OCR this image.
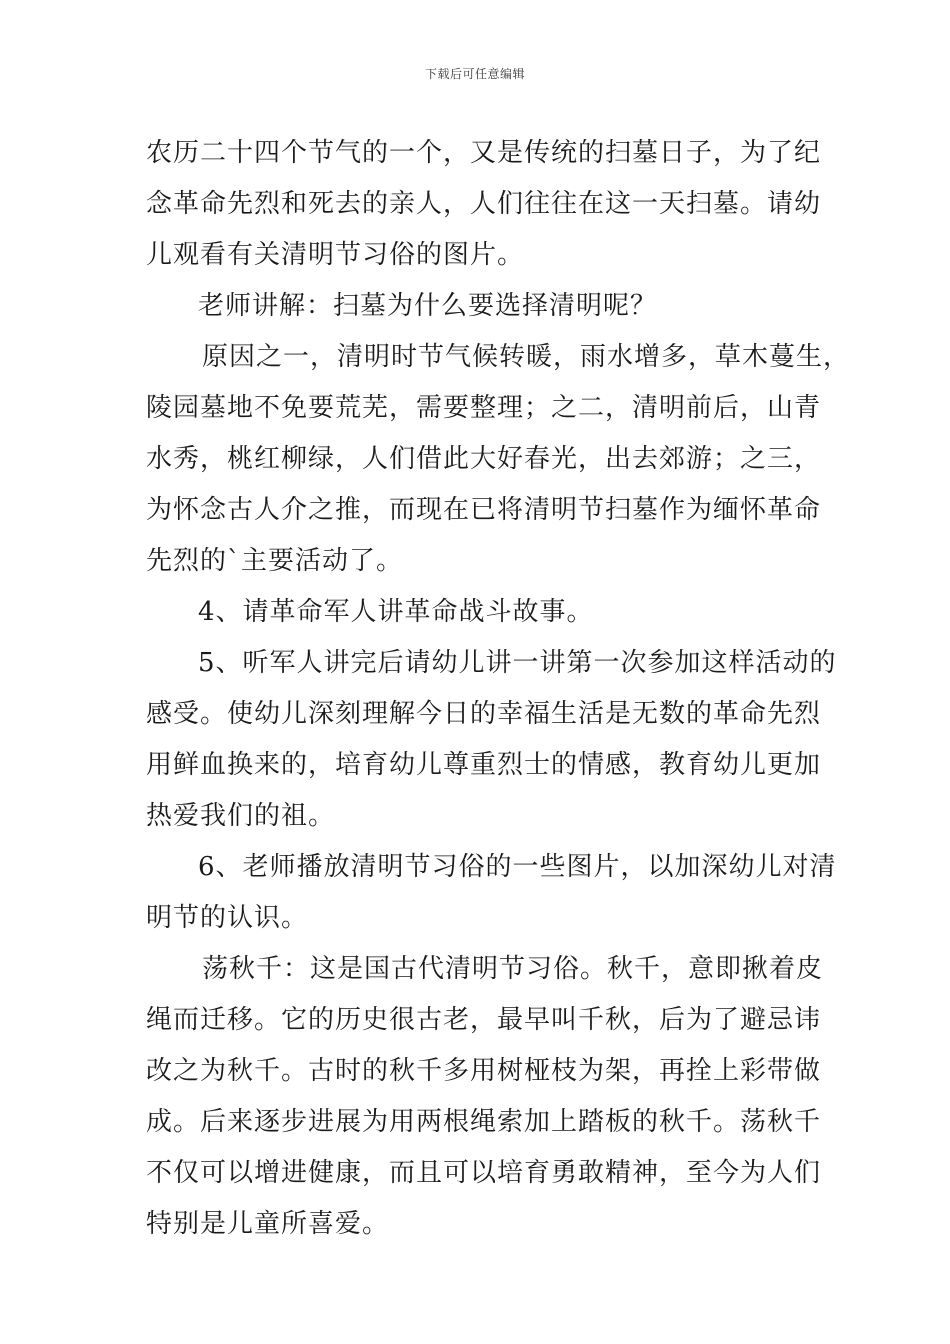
下载后可任意编辑
农历二十四个节气的一个，又是传统的扫墓日子，为了纪
念革命先烈和死去的亲人，人们往往在这一天扫墓。请幼
儿观看有关清明节习俗的图片。
老师讲解：扫墓为什么要选择清明呢？
原因之一，清明时节气候转暖，雨水增多，草木蔓生，
陵园墓地不免要荒芜，需要整理；之二，清明前后，山青
水秀，桃红柳绿，人们借此大好春光，出去郊游；之三，
为怀念古人介之推，而现在已将清明节扫墓作为缅怀革命
先烈的`主要活动了。
4、请革命军人讲革命战斗故事。
5、听军人讲完后请幼儿讲一讲第一次参加这样活动的
感受。使幼儿深刻理解今日的幸福生活是无数的革命先烈
用鲜血换来的，培育幼儿尊重烈士的情感，教育幼儿更加
热爱我们的祖。
6、老师播放清明节习俗的一些图片，以加深幼儿对清
明节的认识。
荡秋千：这是国古代清明节习俗。秋千，意即揪着皮
绳而迁移。它的历史很古老，最早叫千秋，后为了避忌讳
改之为秋千。古时的秋千多用树桠枝为架，再拴上彩带做
成。后来逐步进展为用两根绳索加上踏板的秋千。荡秋千
不仅可以增进健康，而且可以培育勇敢精神，至今为人们
特别是儿童所喜爱。
